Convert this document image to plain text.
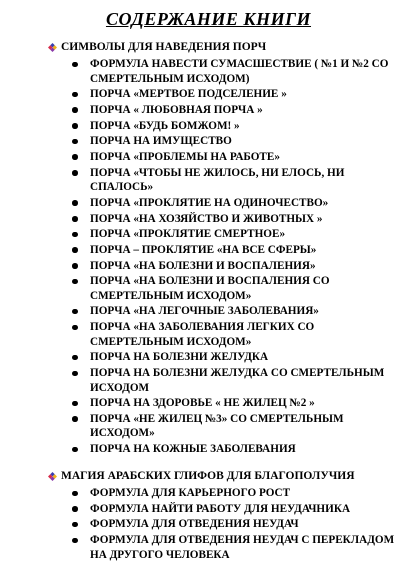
СОДЕРЖАНИЕ КНИГИ
СИМВОЛЫ ДЛЯ НАВЕДЕНИЯ ПОРЧ
ФОРМУЛА НАВЕСТИ СУМАСШЕСТВИЕ ( №1 И №2 СО СМЕРТЕЛЬНЫМ ИСХОДОМ)
ПОРЧА «МЕРТВОЕ ПОДСЕЛЕНИЕ »
ПОРЧА « ЛЮБОВНАЯ ПОРЧА »
ПОРЧА «БУДЬ БОМЖОМ! »
ПОРЧА НА ИМУЩЕСТВО
ПОРЧА «ПРОБЛЕМЫ НА РАБОТЕ»
ПОРЧА «ЧТОБЫ НЕ ЖИЛОСЬ, НИ ЕЛОСЬ, НИ СПАЛОСЬ»
ПОРЧА «ПРОКЛЯТИЕ НА ОДИНОЧЕСТВО»
ПОРЧА «НА ХОЗЯЙСТВО И ЖИВОТНЫХ »
ПОРЧА «ПРОКЛЯТИЕ СМЕРТНОЕ»
ПОРЧА – ПРОКЛЯТИЕ «НА ВСЕ СФЕРЫ»
ПОРЧА «НА БОЛЕЗНИ И ВОСПАЛЕНИЯ»
ПОРЧА «НА БОЛЕЗНИ И ВОСПАЛЕНИЯ СО СМЕРТЕЛЬНЫМ ИСХОДОМ»
ПОРЧА «НА ЛЕГОЧНЫЕ ЗАБОЛЕВАНИЯ»
ПОРЧА «НА ЗАБОЛЕВАНИЯ ЛЕГКИХ СО СМЕРТЕЛЬНЫМ ИСХОДОМ»
ПОРЧА НА БОЛЕЗНИ ЖЕЛУДКА
ПОРЧА НА БОЛЕЗНИ ЖЕЛУДКА СО СМЕРТЕЛЬНЫМ ИСХОДОМ
ПОРЧА НА ЗДОРОВЬЕ « НЕ ЖИЛЕЦ №2 »
ПОРЧА «НЕ ЖИЛЕЦ №3» СО СМЕРТЕЛЬНЫМ ИСХОДОМ»
ПОРЧА НА КОЖНЫЕ ЗАБОЛЕВАНИЯ
МАГИЯ АРАБСКИХ ГЛИФОВ ДЛЯ БЛАГОПОЛУЧИЯ
ФОРМУЛА ДЛЯ КАРЬЕРНОГО РОСТ
ФОРМУЛА НАЙТИ РАБОТУ ДЛЯ НЕУДАЧНИКА
ФОРМУЛА ДЛЯ ОТВЕДЕНИЯ НЕУДАЧ
ФОРМУЛА ДЛЯ ОТВЕДЕНИЯ НЕУДАЧ С ПЕРЕКЛАДОМ НА ДРУГОГО ЧЕЛОВЕКА
